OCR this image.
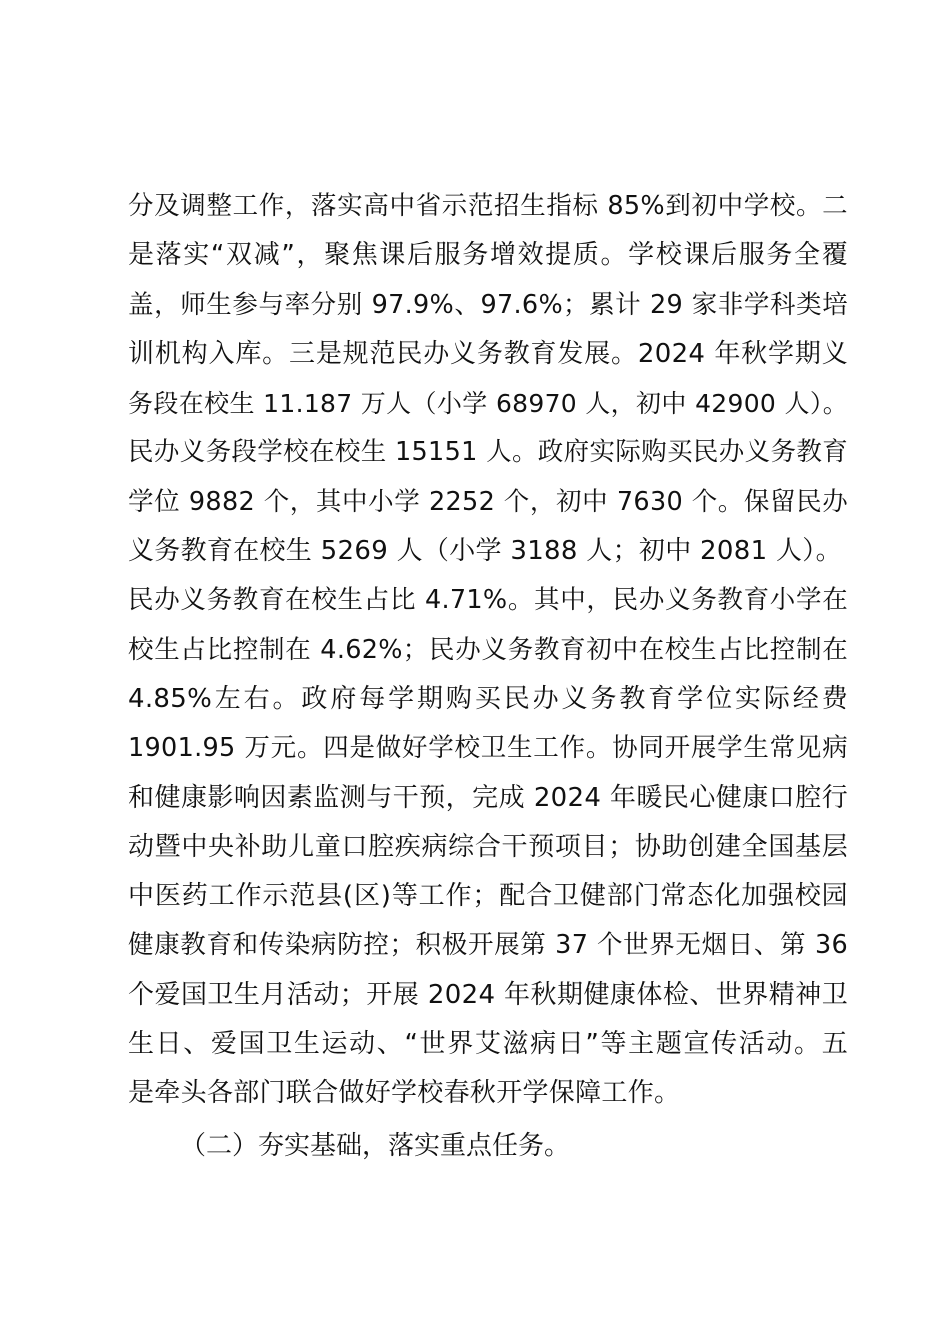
分及调整工作，落实高中省示范招生指标 85%到初中学校。二
是落实“双减”，聚焦课后服务增效提质。学校课后服务全覆
盖，师生参与率分别 97.9%、97.6%；累计 29 家非学科类培
训机构入库。三是规范民办义务教育发展。2024 年秋学期义
务段在校生 11.187 万人（小学 68970 人，初中 42900 人）。
民办义务段学校在校生 15151 人。政府实际购买民办义务教育
学位 9882 个，其中小学 2252 个，初中 7630 个。保留民办
义务教育在校生 5269 人（小学 3188 人；初中 2081 人）。
民办义务教育在校生占比 4.71%。其中，民办义务教育小学在
校生占比控制在 4.62%；民办义务教育初中在校生占比控制在
4.85%左右。政府每学期购买民办义务教育学位实际经费
1901.95 万元。四是做好学校卫生工作。协同开展学生常见病
和健康影响因素监测与干预，完成 2024 年暖民心健康口腔行
动暨中央补助儿童口腔疾病综合干预项目；协助创建全国基层
中医药工作示范县(区)等工作；配合卫健部门常态化加强校园
健康教育和传染病防控；积极开展第 37 个世界无烟日、第 36
个爱国卫生月活动；开展 2024 年秋期健康体检、世界精神卫
生日、爱国卫生运动、“世界艾滋病日”等主题宣传活动。五
是牵头各部门联合做好学校春秋开学保障工作。
（二）夯实基础，落实重点任务。
